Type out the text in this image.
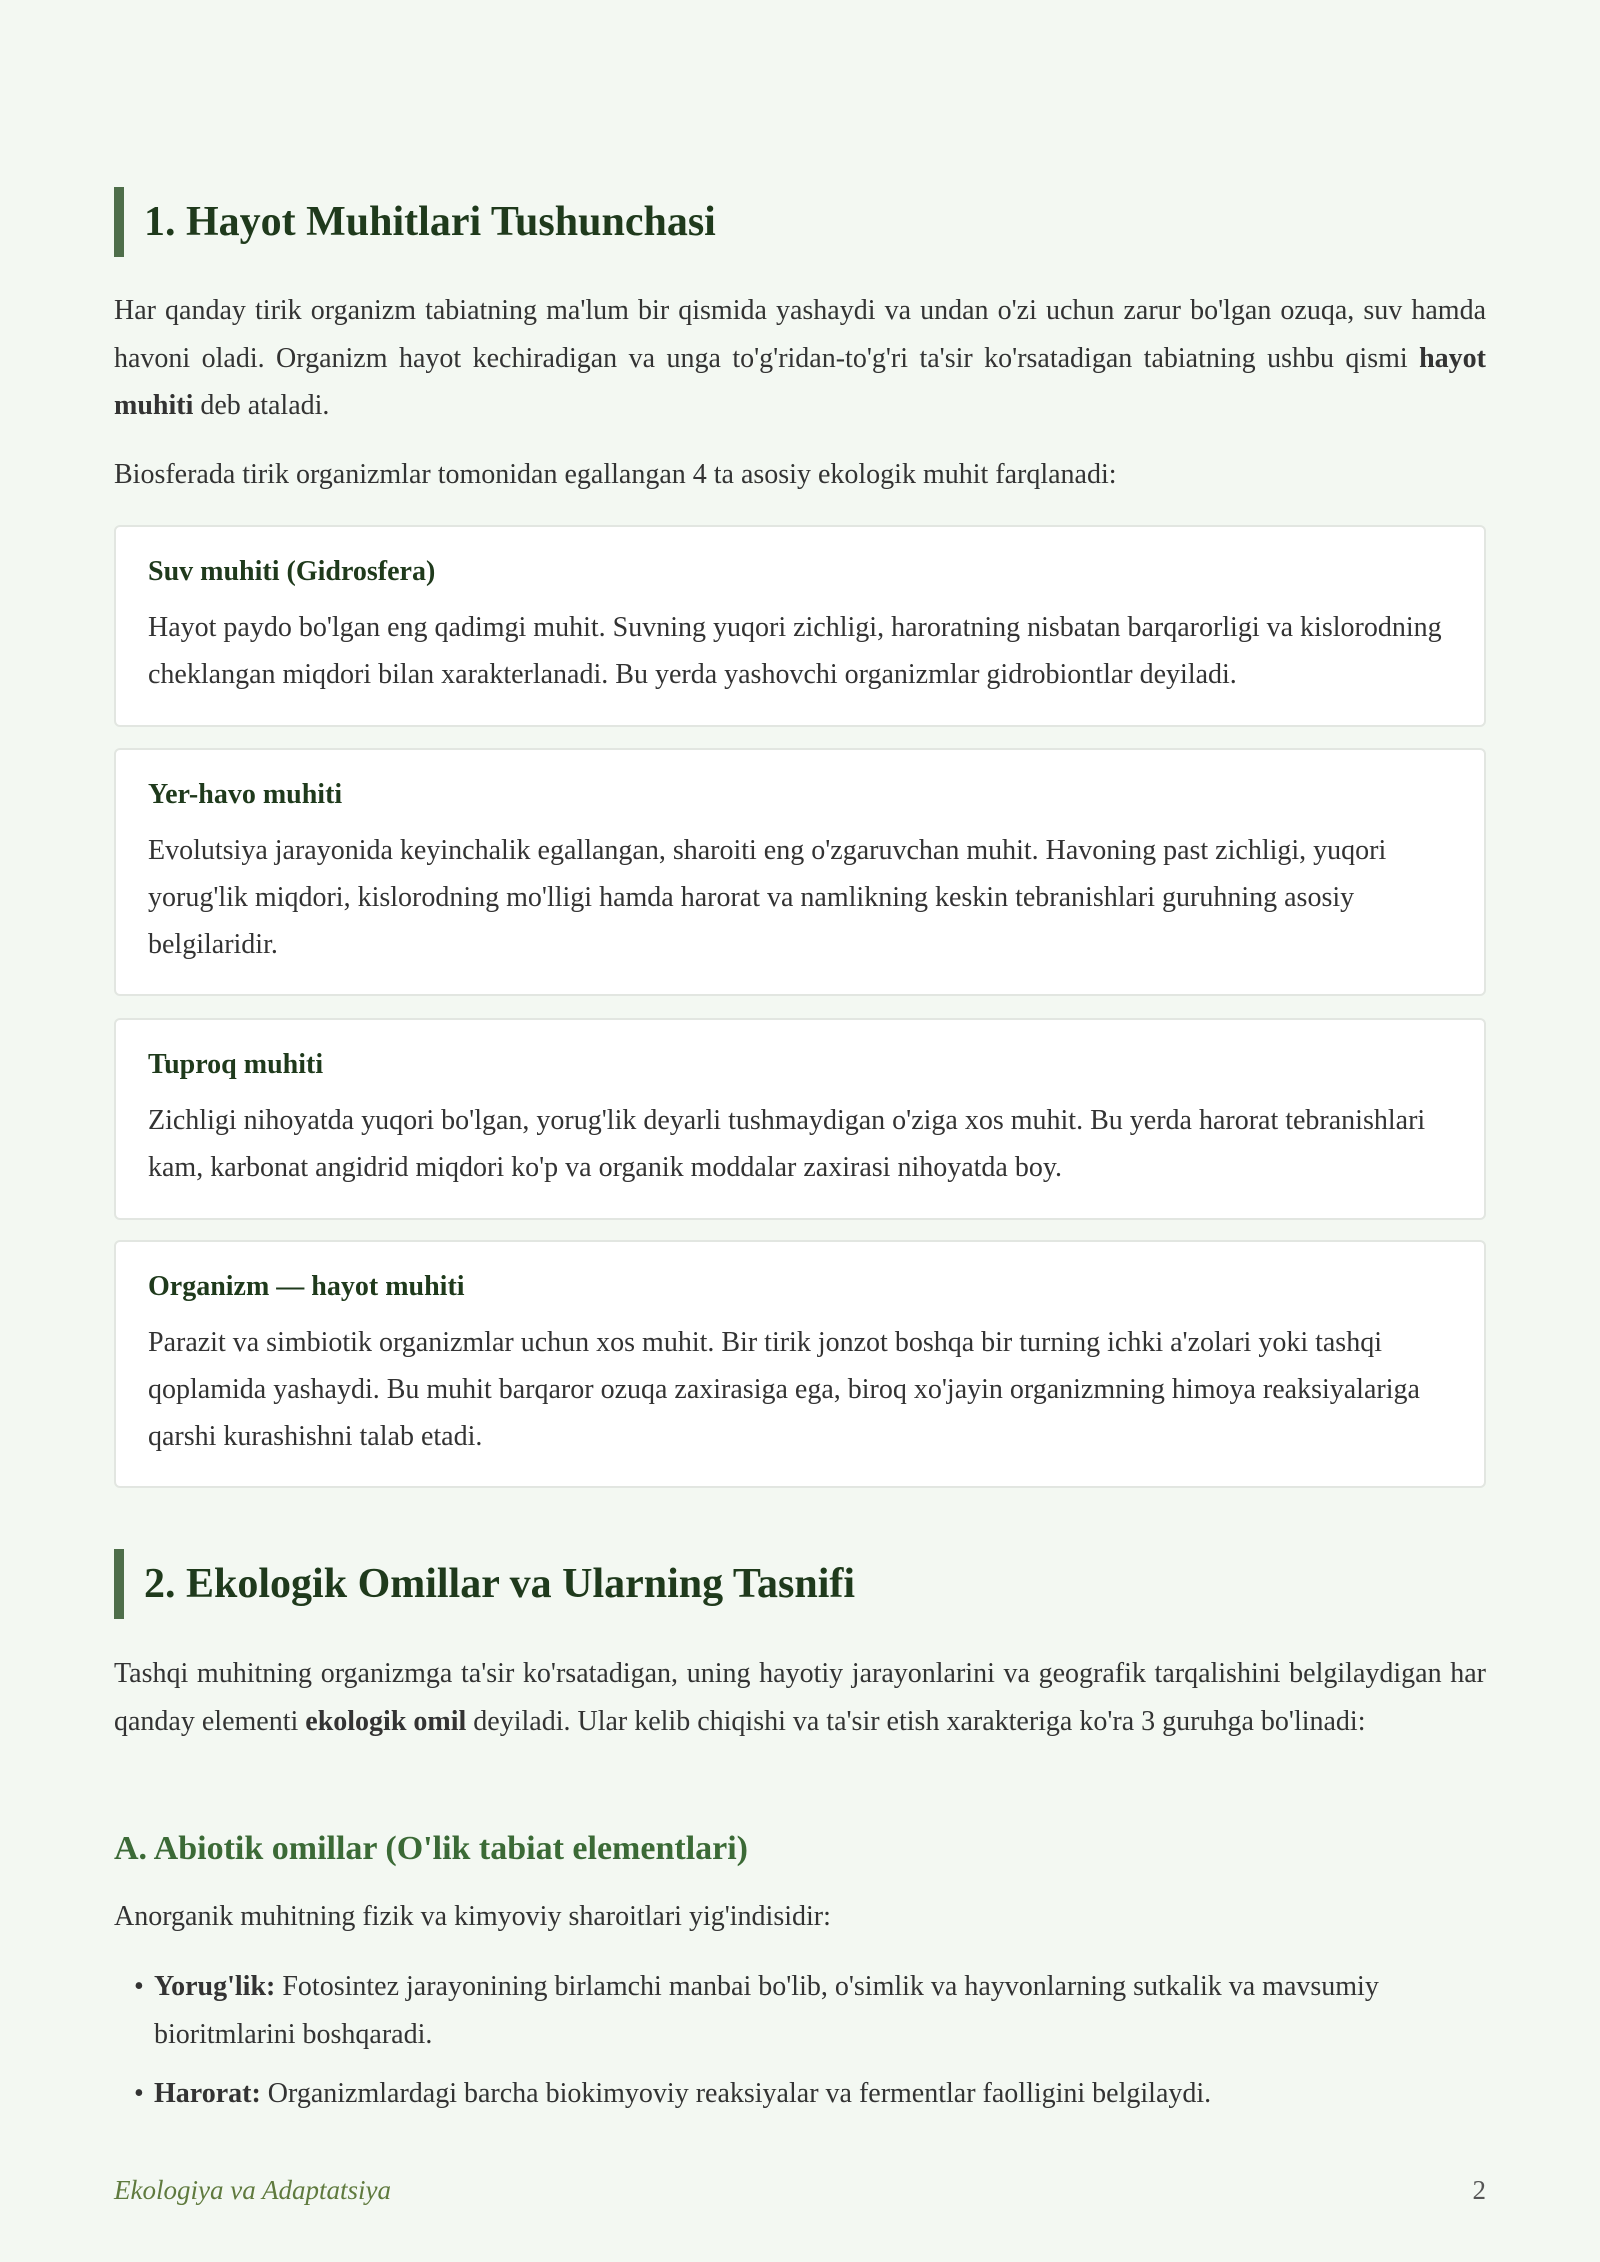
1. Hayot Muhitlari Tushunchasi

Har qanday tirik organizm tabiatning ma'lum bir qismida yashaydi va undan o'zi uchun zarur bo'lgan ozuqa, suv hamda havoni oladi. Organizm hayot kechiradigan va unga to'g'ridan-to'g'ri ta'sir ko'rsatadigan tabiatning ushbu qismi hayot muhiti deb ataladi.

Biosferada tirik organizmlar tomonidan egallangan 4 ta asosiy ekologik muhit farqlanadi:

Suv muhiti (Gidrosfera)

Hayot paydo bo'lgan eng qadimgi muhit. Suvning yuqori zichligi, haroratning nisbatan barqarorligi va kislorodning cheklangan miqdori bilan xarakterlanadi. Bu yerda yashovchi organizmlar gidrobiontlar deyiladi.

Yer-havo muhiti

Evolutsiya jarayonida keyinchalik egallangan, sharoiti eng o'zgaruvchan muhit. Havoning past zichligi, yuqori yorug'lik miqdori, kislorodning mo'lligi hamda harorat va namlikning keskin tebranishlari guruhning asosiy belgilaridir.

Tuproq muhiti

Zichligi nihoyatda yuqori bo'lgan, yorug'lik deyarli tushmaydigan o'ziga xos muhit. Bu yerda harorat tebranishlari kam, karbonat angidrid miqdori ko'p va organik moddalar zaxirasi nihoyatda boy.

Organizm — hayot muhiti

Parazit va simbiotik organizmlar uchun xos muhit. Bir tirik jonzot boshqa bir turning ichki a'zolari yoki tashqi qoplamida yashaydi. Bu muhit barqaror ozuqa zaxirasiga ega, biroq xo'jayin organizmning himoya reaksiyalariga qarshi kurashishni talab etadi.

2. Ekologik Omillar va Ularning Tasnifi

Tashqi muhitning organizmga ta'sir ko'rsatadigan, uning hayotiy jarayonlarini va geografik tarqalishini belgilaydigan har qanday elementi ekologik omil deyiladi. Ular kelib chiqishi va ta'sir etish xarakteriga ko'ra 3 guruhga bo'linadi:

A. Abiotik omillar (O'lik tabiat elementlari)

Anorganik muhitning fizik va kimyoviy sharoitlari yig'indisidir:

• Yorug'lik: Fotosintez jarayonining birlamchi manbai bo'lib, o'simlik va hayvonlarning sutkalik va mavsumiy bioritmlarini boshqaradi.
• Harorat: Organizmlardagi barcha biokimyoviy reaksiyalar va fermentlar faolligini belgilaydi.
Ekologiya va Adaptatsiya	2
